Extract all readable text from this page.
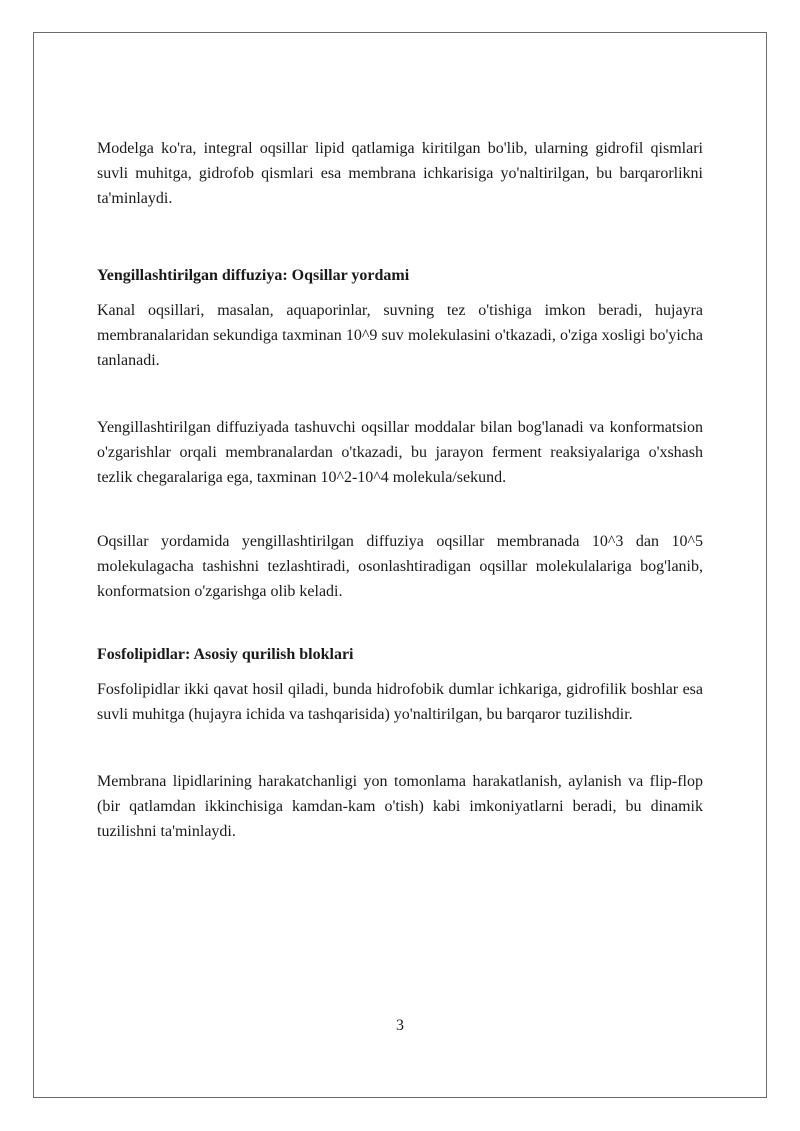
Modelga ko'ra, integral oqsillar lipid qatlamiga kiritilgan bo'lib, ularning gidrofil qismlari suvli muhitga, gidrofob qismlari esa membrana ichkarisiga yo'naltirilgan, bu barqarorlikni ta'minlaydi.

Yengillashtirilgan diffuziya: Oqsillar yordami

Kanal oqsillari, masalan, aquaporinlar, suvning tez o'tishiga imkon beradi, hujayra membranalaridan sekundiga taxminan 10^9 suv molekulasini o'tkazadi, o'ziga xosligi bo'yicha tanlanadi.

Yengillashtirilgan diffuziyada tashuvchi oqsillar moddalar bilan bog'lanadi va konformatsion o'zgarishlar orqali membranalardan o'tkazadi, bu jarayon ferment reaksiyalariga o'xshash tezlik chegaralariga ega, taxminan 10^2-10^4 molekula/sekund.

Oqsillar yordamida yengillashtirilgan diffuziya oqsillar membranada 10^3 dan 10^5 molekulagacha tashishni tezlashtiradi, osonlashtiradigan oqsillar molekulalariga bog'lanib, konformatsion o'zgarishga olib keladi.

Fosfolipidlar: Asosiy qurilish bloklari

Fosfolipidlar ikki qavat hosil qiladi, bunda hidrofobik dumlar ichkariga, gidrofilik boshlar esa suvli muhitga (hujayra ichida va tashqarisida) yo'naltirilgan, bu barqaror tuzilishdir.

Membrana lipidlarining harakatchanligi yon tomonlama harakatlanish, aylanish va flip-flop (bir qatlamdan ikkinchisiga kamdan-kam o'tish) kabi imkoniyatlarni beradi, bu dinamik tuzilishni ta'minlaydi.

3
